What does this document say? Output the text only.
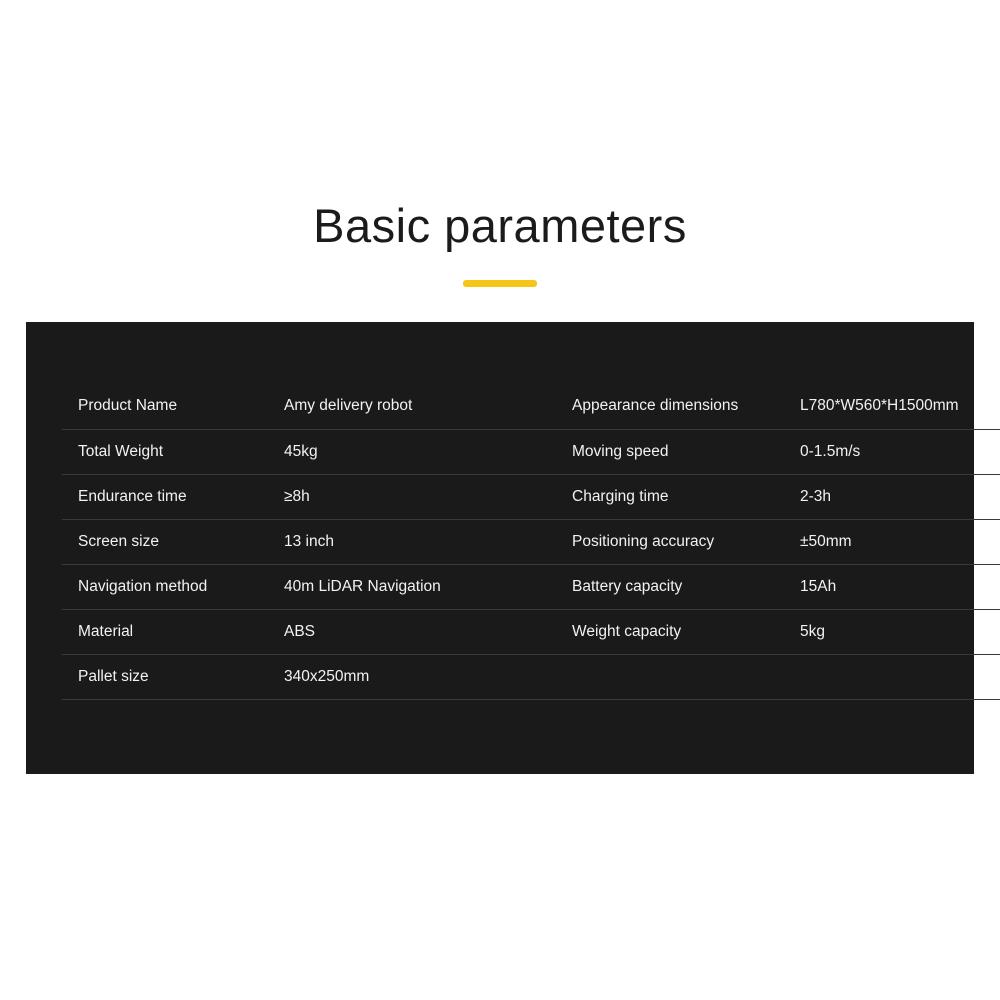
Basic parameters
Product Name	Amy delivery robot	Appearance dimensions	L780*W560*H1500mm
Total Weight	45kg	Moving speed	0-1.5m/s
Endurance time	≥8h	Charging time	2-3h
Screen size	13 inch	Positioning accuracy	±50mm
Navigation method	40m LiDAR Navigation	Battery capacity	15Ah
Material	ABS	Weight capacity	5kg
Pallet size	340x250mm		
